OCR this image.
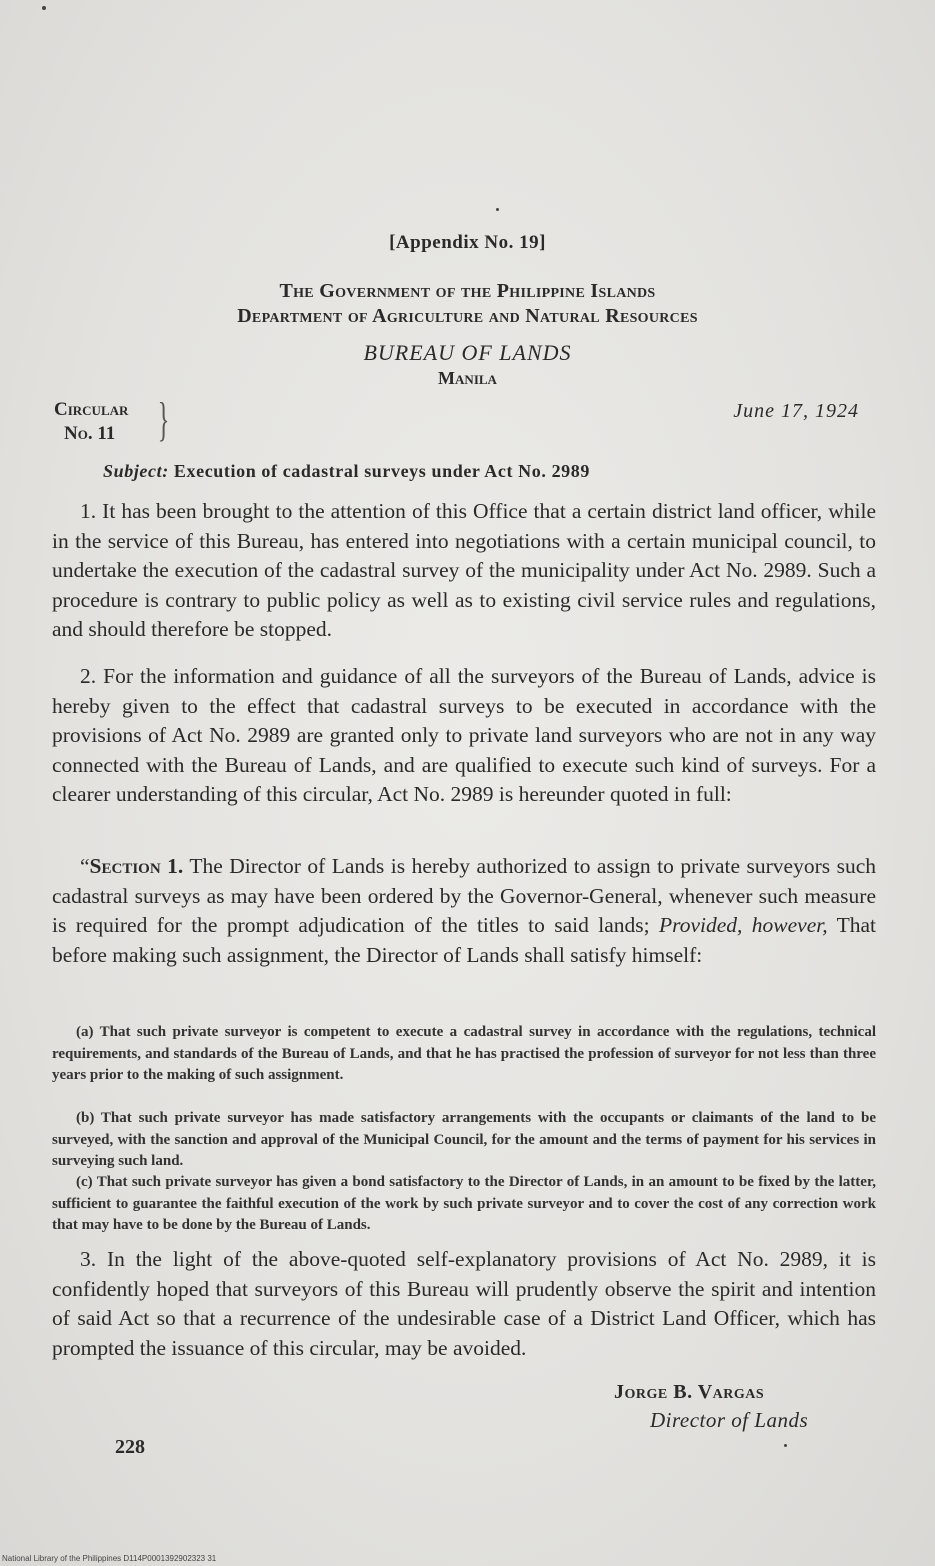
[Appendix No. 19]
The Government of the Philippine Islands
Department of Agriculture and Natural Resources
BUREAU OF LANDS
Manila
Circular
No. 11 }	June 17, 1924
Subject: Execution of cadastral surveys under Act No. 2989

1. It has been brought to the attention of this Office that a certain district land officer, while in the service of this Bureau, has entered into negotiations with a certain municipal council, to undertake the execution of the cadastral survey of the municipality under Act No. 2989. Such a procedure is contrary to public policy as well as to existing civil service rules and regulations, and should therefore be stopped.

2. For the information and guidance of all the surveyors of the Bureau of Lands, advice is hereby given to the effect that cadastral surveys to be executed in accordance with the provisions of Act No. 2989 are granted only to private land surveyors who are not in any way connected with the Bureau of Lands, and are qualified to execute such kind of surveys. For a clearer understanding of this circular, Act No. 2989 is hereunder quoted in full:

“Section 1. The Director of Lands is hereby authorized to assign to private surveyors such cadastral surveys as may have been ordered by the Governor-General, whenever such measure is required for the prompt adjudication of the titles to said lands; Provided, however, That before making such assignment, the Director of Lands shall satisfy himself:

(a) That such private surveyor is competent to execute a cadastral survey in accordance with the regulations, technical requirements, and standards of the Bureau of Lands, and that he has practised the profession of surveyor for not less than three years prior to the making of such assignment.

(b) That such private surveyor has made satisfactory arrangements with the occupants or claimants of the land to be surveyed, with the sanction and approval of the Municipal Council, for the amount and the terms of payment for his services in surveying such land.

(c) That such private surveyor has given a bond satisfactory to the Director of Lands, in an amount to be fixed by the latter, sufficient to guarantee the faithful execution of the work by such private surveyor and to cover the cost of any correction work that may have to be done by the Bureau of Lands.

3. In the light of the above-quoted self-explanatory provisions of Act No. 2989, it is confidently hoped that surveyors of this Bureau will prudently observe the spirit and intention of said Act so that a recurrence of the undesirable case of a District Land Officer, which has prompted the issuance of this circular, may be avoided.

Jorge B. Vargas
Director of Lands
228
National Library of the Philippines D114P0001392902323 31
